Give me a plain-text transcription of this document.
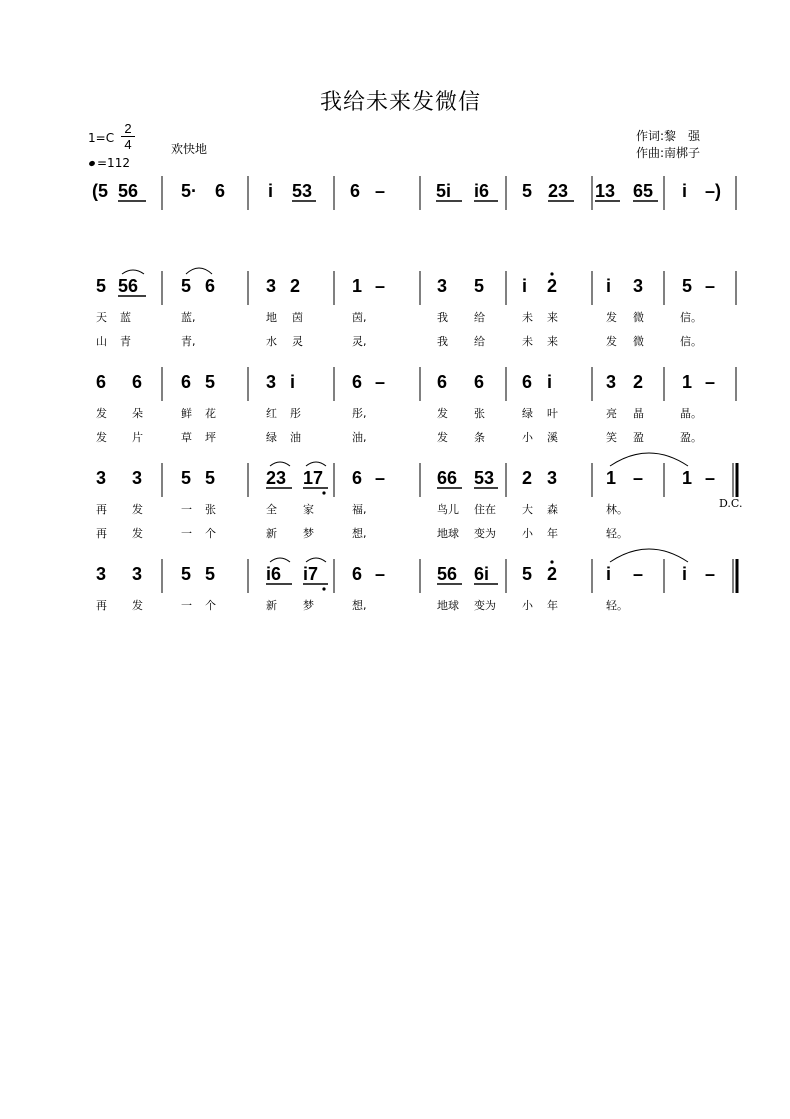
我给未来发微信
1=C
2
4	欢快地
=112
作词:黎　强
作曲:南梆子
D.C.
(5 56 5· 6 i 53 6 –	5i i6 5 23 13 65 i –)
5 56 5 6	3 2	1 –	3 5 i 2	i 3 5 –
天 蓝	蓝,	地 茵	茵,	我 给	未 来	发 微	信。
山 青	青,	水 灵	灵,	我 给	未 来	发 微	信。
6 6 6 5	3 i	6 –	6 6 6 i	3 2 1 –
发 朵	鲜 花	红 彤	彤,	发 张	绿 叶	亮 晶	晶。
发 片	草 坪	绿 油	油,	发 条	小 溪	笑 盈	盈。
3 3 5 5	23 17 6 –	66 53 2 3	1 – 1 –
再 发	一 张	全 家	福,	鸟儿 住在 大 森	林。
再 发	一 个	新 梦	想,	地球 变为 小 年	轻。
3 3 5 5	i6 i7 6 –	56 6i 5 2	i – i –
再 发	一 个	新 梦	想,	地球 变为 小 年	轻。
